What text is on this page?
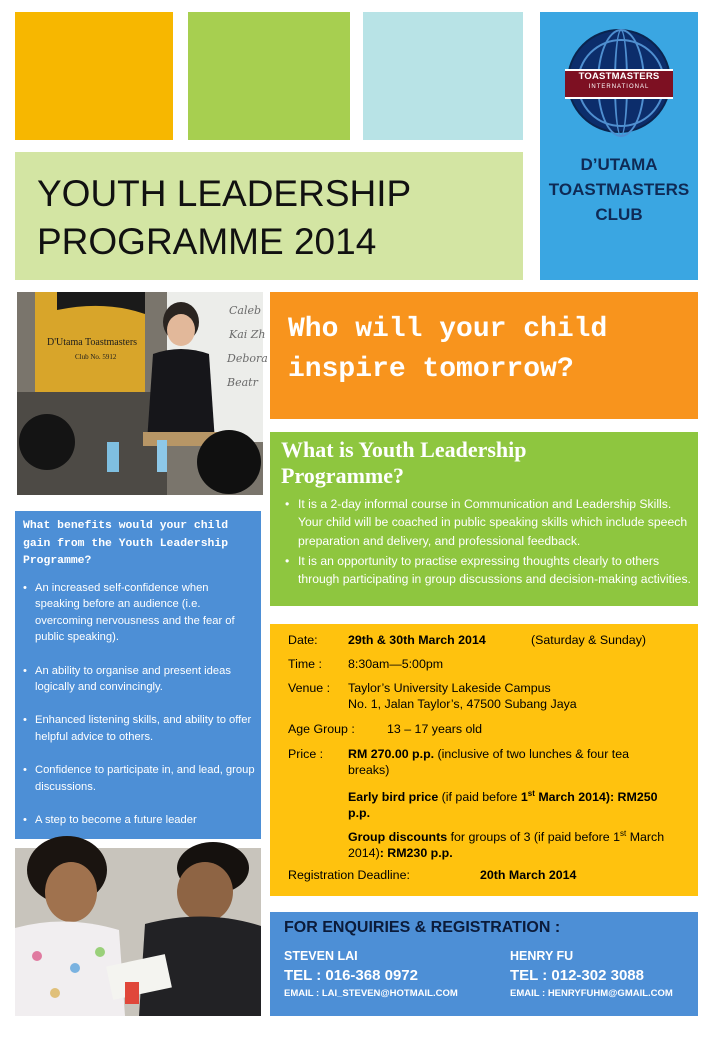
TOASTMASTERS
INTERNATIONAL
D’UTAMA
TOASTMASTERS
CLUB
YOUTH LEADERSHIP
PROGRAMME 2014
D'Utama Toastmasters
Club No. 5912
Caleb
Kai Zh
Debora
Beatr
Who will your child
inspire tomorrow?
What is Youth Leadership
Programme?
• It is a 2-day informal course in Communication and Leadership Skills. Your child will be coached in public speaking skills which include speech preparation and delivery, and professional feedback.
• It is an opportunity to practise expressing thoughts clearly to others through participating in group discussions and decision-making activities.
What benefits would your child gain from the Youth Leadership Programme?
• An increased self-confidence when speaking before an audience (i.e. overcoming nervousness and the fear of public speaking).
• An ability to organise and present ideas logically and convincingly.
• Enhanced listening skills, and ability to offer helpful advice to others.
• Confidence to participate in, and lead, group discussions.
• A step to become a future leader
Date: 29th & 30th March 2014	(Saturday & Sunday)
Time : 8:30am—5:00pm
Venue : Taylor’s University Lakeside Campus
No. 1, Jalan Taylor’s, 47500 Subang Jaya
Age Group :	13 – 17 years old
Price : RM 270.00 p.p. (inclusive of two lunches & four tea
breaks)
Early bird price (if paid before 1st March 2014): RM250
p.p.
Group discounts for groups of 3 (if paid before 1st March
2014): RM230 p.p.
Registration Deadline:	20th March 2014
FOR ENQUIRIES & REGISTRATION :
STEVEN LAI
TEL : 016-368 0972
EMAIL : LAI_STEVEN@HOTMAIL.COM
HENRY FU
TEL : 012-302 3088
EMAIL : HENRYFUHM@GMAIL.COM
